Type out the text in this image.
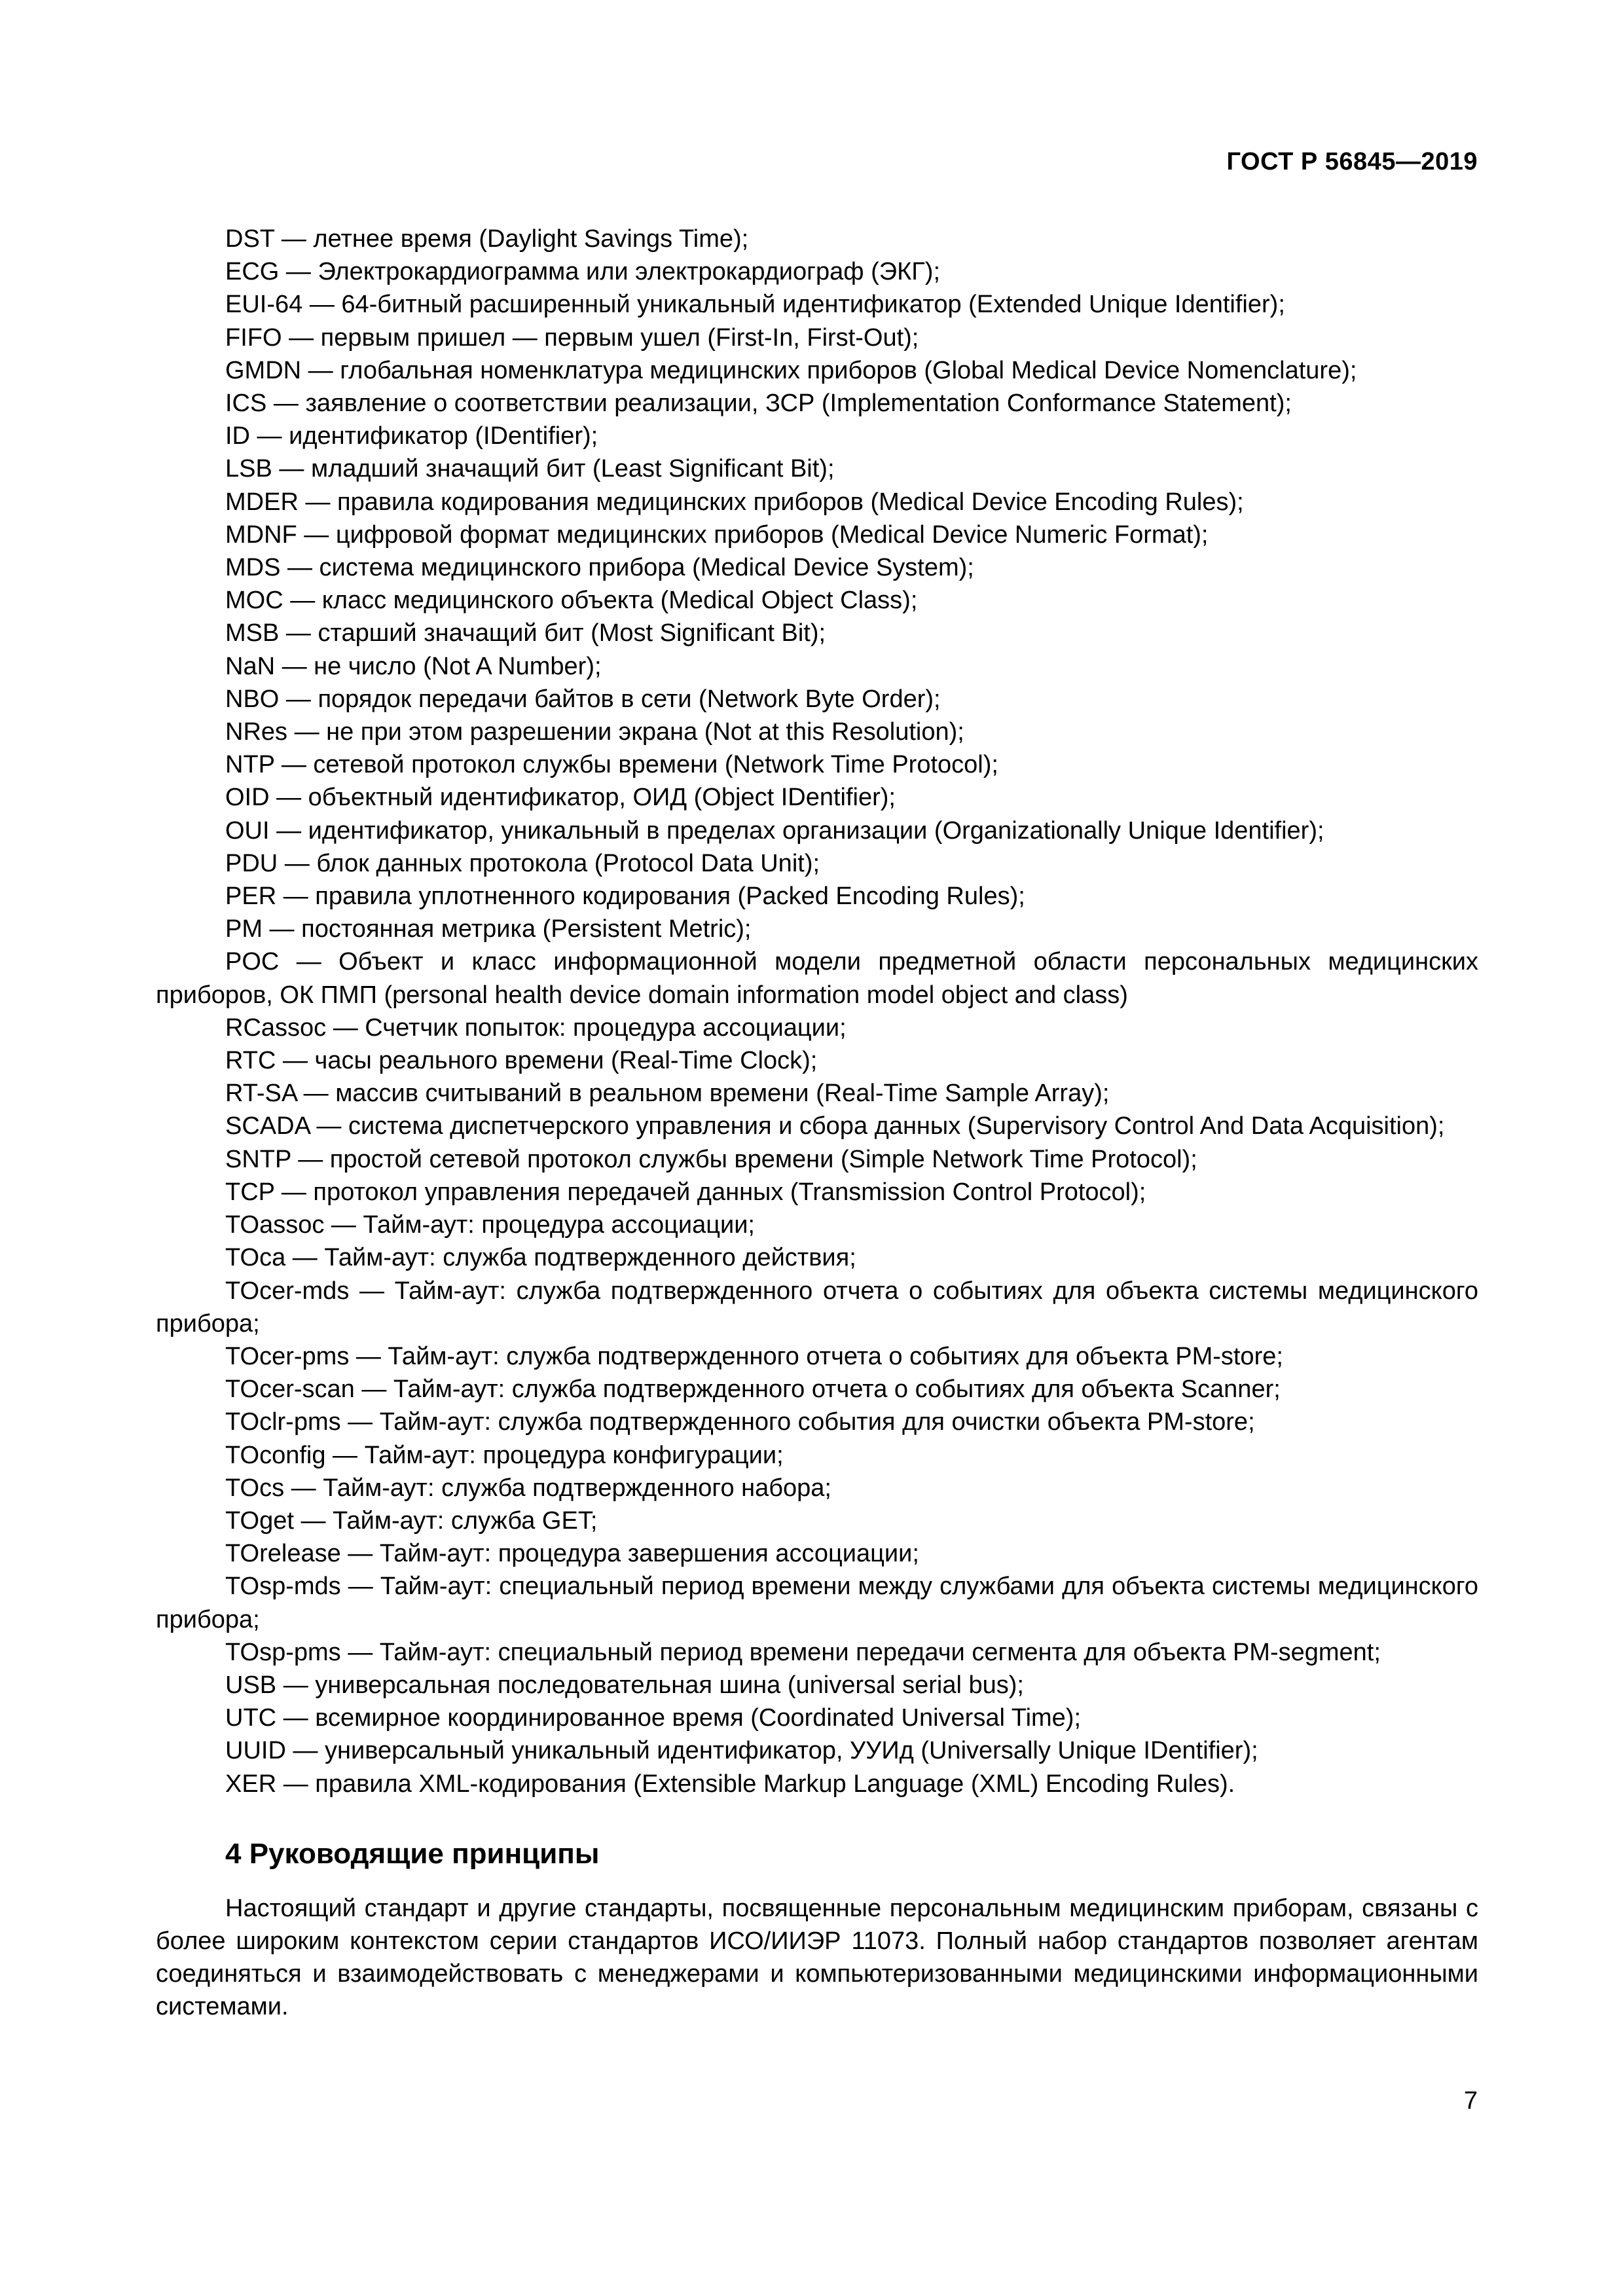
ГОСТ Р 56845—2019

DST — летнее время (Daylight Savings Time);

ECG — Электрокардиограмма или электрокардиограф (ЭКГ);

EUI-64 — 64-битный расширенный уникальный идентификатор (Extended Unique Identifier);

FIFO — первым пришел — первым ушел (First-In, First-Out);

GMDN — глобальная номенклатура медицинских приборов (Global Medical Device Nomenclature);

ICS — заявление о соответствии реализации, ЗСР (Implementation Conformance Statement);

ID — идентификатор (IDentifier);

LSB — младший значащий бит (Least Significant Bit);

MDER — правила кодирования медицинских приборов (Medical Device Encoding Rules);

MDNF — цифровой формат медицинских приборов (Medical Device Numeric Format);

MDS — система медицинского прибора (Medical Device System);

MOC — класс медицинского объекта (Medical Object Class);

MSB — старший значащий бит (Most Significant Bit);

NaN — не число (Not A Number);

NBO — порядок передачи байтов в сети (Network Byte Order);

NRes — не при этом разрешении экрана (Not at this Resolution);

NTP — сетевой протокол службы времени (Network Time Protocol);

OID — объектный идентификатор, ОИД (Object IDentifier);

OUI — идентификатор, уникальный в пределах организации (Organizationally Unique Identifier);

PDU — блок данных протокола (Protocol Data Unit);

PER — правила уплотненного кодирования (Packed Encoding Rules);

PM — постоянная метрика (Persistent Metric);

POC — Объект и класс информационной модели предметной области персональных медицинских приборов, ОК ПМП (personal health device domain information model object and class)

RCassoc — Счетчик попыток: процедура ассоциации;

RTC — часы реального времени (Real-Time Clock);

RT-SA — массив считываний в реальном времени (Real-Time Sample Array);

SCADA — система диспетчерского управления и сбора данных (Supervisory Control And Data Acquisition);

SNTP — простой сетевой протокол службы времени (Simple Network Time Protocol);

TCP — протокол управления передачей данных (Transmission Control Protocol);

TOassoc — Тайм-аут: процедура ассоциации;

TOca — Тайм-аут: служба подтвержденного действия;

TOcer-mds — Тайм-аут: служба подтвержденного отчета о событиях для объекта системы медицинского прибора;

TOcer-pms — Тайм-аут: служба подтвержденного отчета о событиях для объекта PM-store;

TOcer-scan — Тайм-аут: служба подтвержденного отчета о событиях для объекта Scanner;

TOclr-pms — Тайм-аут: служба подтвержденного события для очистки объекта PM-store;

TOconfig — Тайм-аут: процедура конфигурации;

TOcs — Тайм-аут: служба подтвержденного набора;

TOget — Тайм-аут: служба GET;

TOrelease — Тайм-аут: процедура завершения ассоциации;

TOsp-mds — Тайм-аут: специальный период времени между службами для объекта системы медицинского прибора;

TOsp-pms — Тайм-аут: специальный период времени передачи сегмента для объекта PM-segment;

USB — универсальная последовательная шина (universal serial bus);

UTC — всемирное координированное время (Coordinated Universal Time);

UUID — универсальный уникальный идентификатор, УУИд (Universally Unique IDentifier);

XER — правила XML-кодирования (Extensible Markup Language (XML) Encoding Rules).

4 Руководящие принципы

Настоящий стандарт и другие стандарты, посвященные персональным медицинским приборам, связаны с более широким контекстом серии стандартов ИСО/ИИЭР 11073. Полный набор стандартов позволяет агентам соединяться и взаимодействовать с менеджерами и компьютеризованными медицинскими информационными системами.

7
